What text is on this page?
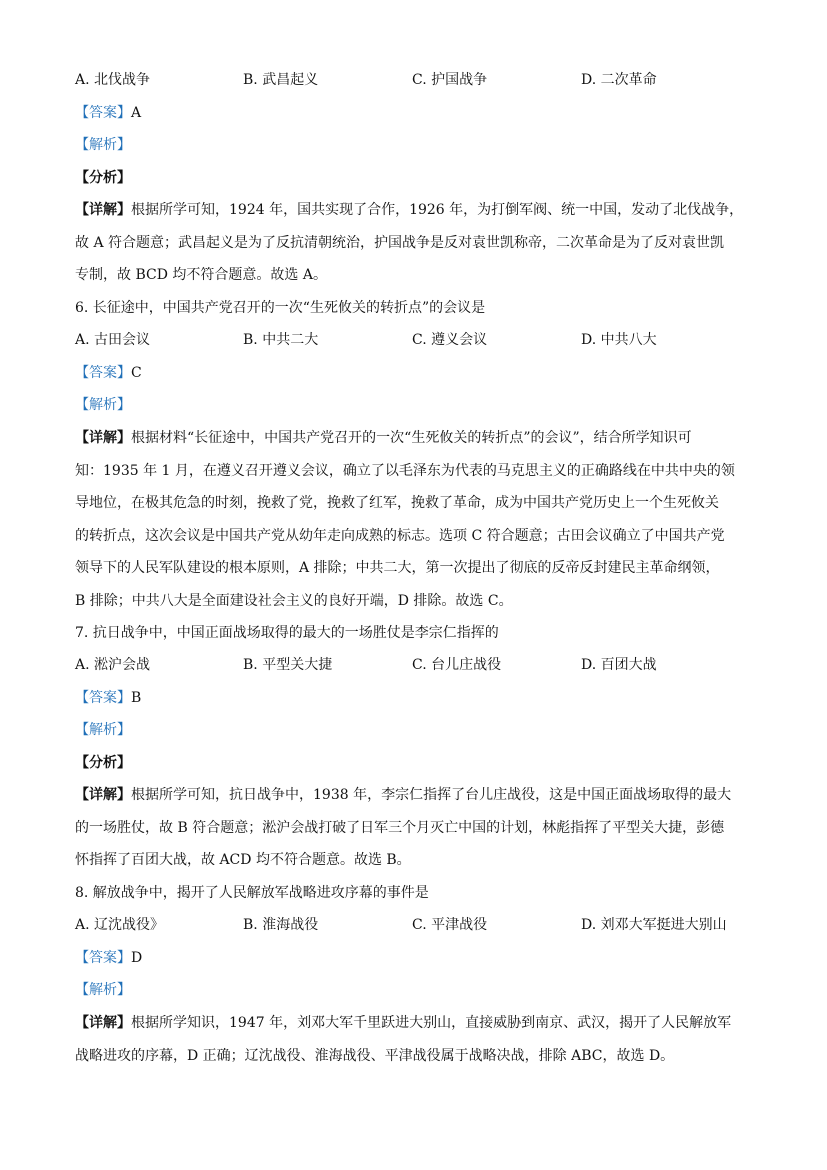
A. 北伐战争	B. 武昌起义	C. 护国战争	D. 二次革命
【答案】A
【解析】
【分析】
【详解】根据所学可知，1924 年，国共实现了合作，1926 年，为打倒军阀、统一中国，发动了北伐战争，
故 A 符合题意；武昌起义是为了反抗清朝统治，护国战争是反对袁世凯称帝，二次革命是为了反对袁世凯
专制，故 BCD 均不符合题意。故选 A。
6. 长征途中，中国共产党召开的一次“生死攸关的转折点”的会议是
A. 古田会议	B. 中共二大	C. 遵义会议	D. 中共八大
【答案】C
【解析】
【详解】根据材料“长征途中，中国共产党召开的一次“生死攸关的转折点”的会议”，结合所学知识可
知：1935 年 1 月，在遵义召开遵义会议，确立了以毛泽东为代表的马克思主义的正确路线在中共中央的领
导地位，在极其危急的时刻，挽救了党，挽救了红军，挽救了革命，成为中国共产党历史上一个生死攸关
的转折点，这次会议是中国共产党从幼年走向成熟的标志。选项 C 符合题意；古田会议确立了中国共产党
领导下的人民军队建设的根本原则，A 排除；中共二大，第一次提出了彻底的反帝反封建民主革命纲领，
B 排除；中共八大是全面建设社会主义的良好开端，D 排除。故选 C。
7. 抗日战争中，中国正面战场取得的最大的一场胜仗是李宗仁指挥的
A. 淞沪会战	B. 平型关大捷	C. 台儿庄战役	D. 百团大战
【答案】B
【解析】
【分析】
【详解】根据所学可知，抗日战争中，1938 年，李宗仁指挥了台儿庄战役，这是中国正面战场取得的最大
的一场胜仗，故 B 符合题意；淞沪会战打破了日军三个月灭亡中国的计划，林彪指挥了平型关大捷，彭德
怀指挥了百团大战，故 ACD 均不符合题意。故选 B。
8. 解放战争中，揭开了人民解放军战略进攻序幕的事件是
A. 辽沈战役》	B. 淮海战役	C. 平津战役	D. 刘邓大军挺进大别山
【答案】D
【解析】
【详解】根据所学知识，1947 年，刘邓大军千里跃进大别山，直接威胁到南京、武汉，揭开了人民解放军
战略进攻的序幕，D 正确；辽沈战役、淮海战役、平津战役属于战略决战，排除 ABC，故选 D。
